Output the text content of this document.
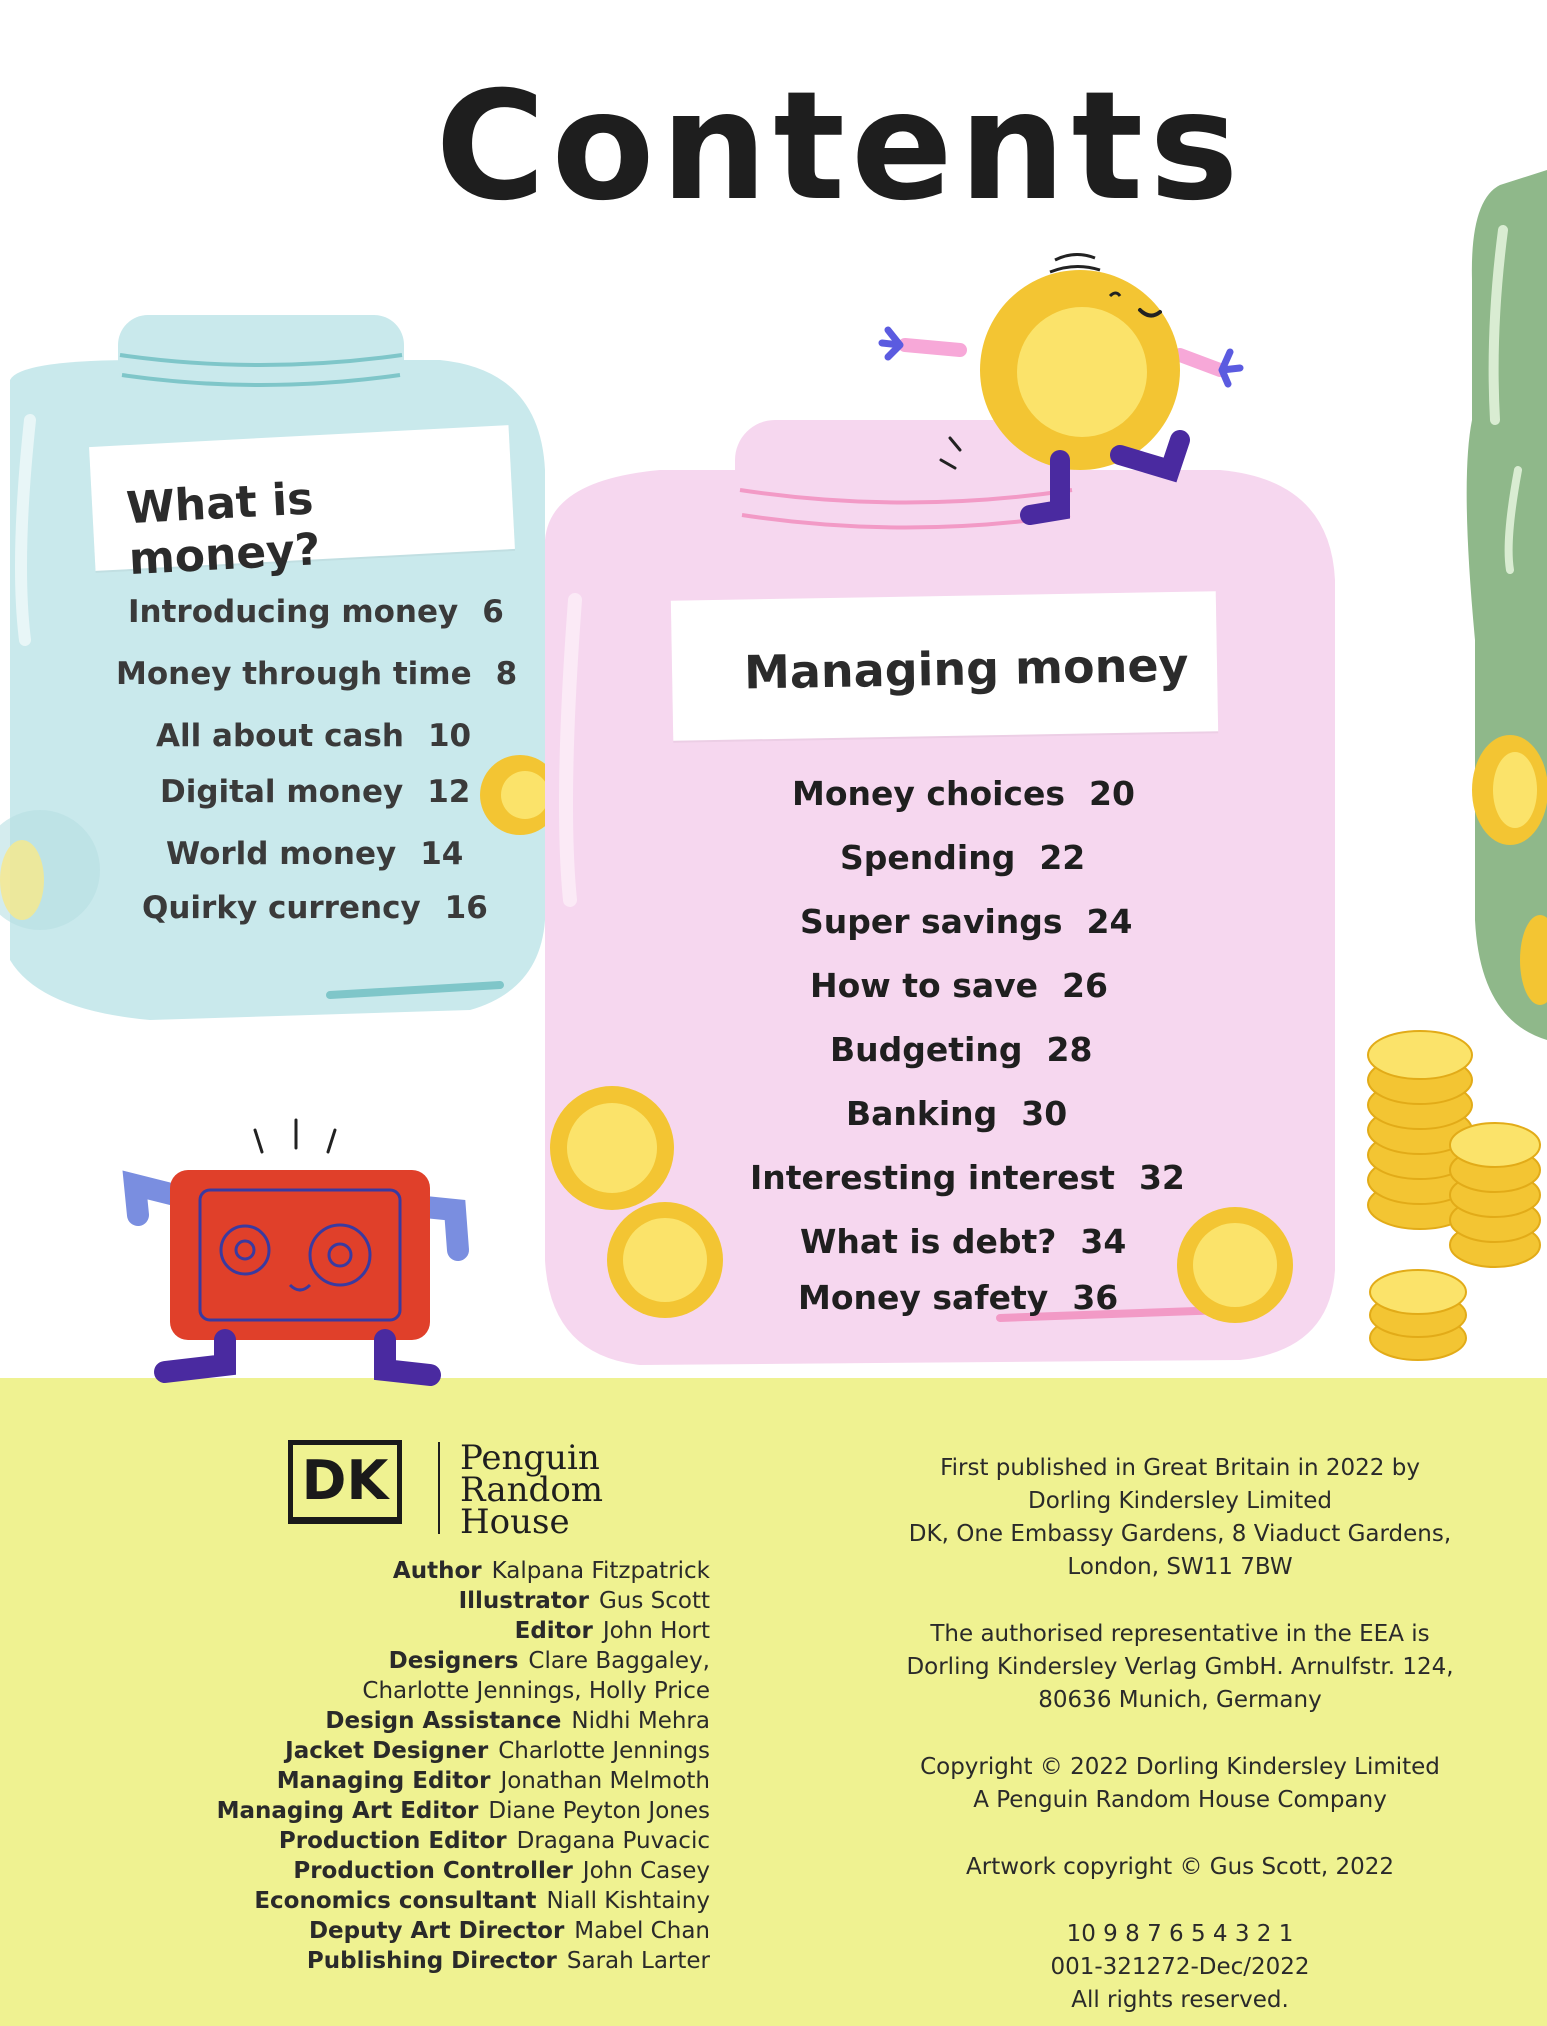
Contents
What is money?
Introducing money 6
Money through time 8
All about cash 10
Digital money 12
World money 14
Quirky currency 16
Managing money
Money choices 20
Spending 22
Super savings 24
How to save 26
Budgeting 28
Banking 30
Interesting interest 32
What is debt? 34
Money safety 36
DK	Penguin
Random
House
Author Kalpana Fitzpatrick
Illustrator Gus Scott
Editor John Hort
Designers Clare Baggaley,
Charlotte Jennings, Holly Price
Design Assistance Nidhi Mehra
Jacket Designer Charlotte Jennings
Managing Editor Jonathan Melmoth
Managing Art Editor Diane Peyton Jones
Production Editor Dragana Puvacic
Production Controller John Casey
Economics consultant Niall Kishtainy
Deputy Art Director Mabel Chan
Publishing Director Sarah Larter

First published in Great Britain in 2022 by

Dorling Kindersley Limited

DK, One Embassy Gardens, 8 Viaduct Gardens,

London, SW11 7BW

The authorised representative in the EEA is

Dorling Kindersley Verlag GmbH. Arnulfstr. 124,

80636 Munich, Germany

Copyright © 2022 Dorling Kindersley Limited

A Penguin Random House Company

Artwork copyright © Gus Scott, 2022

10 9 8 7 6 5 4 3 2 1

001-321272-Dec/2022

All rights reserved.
